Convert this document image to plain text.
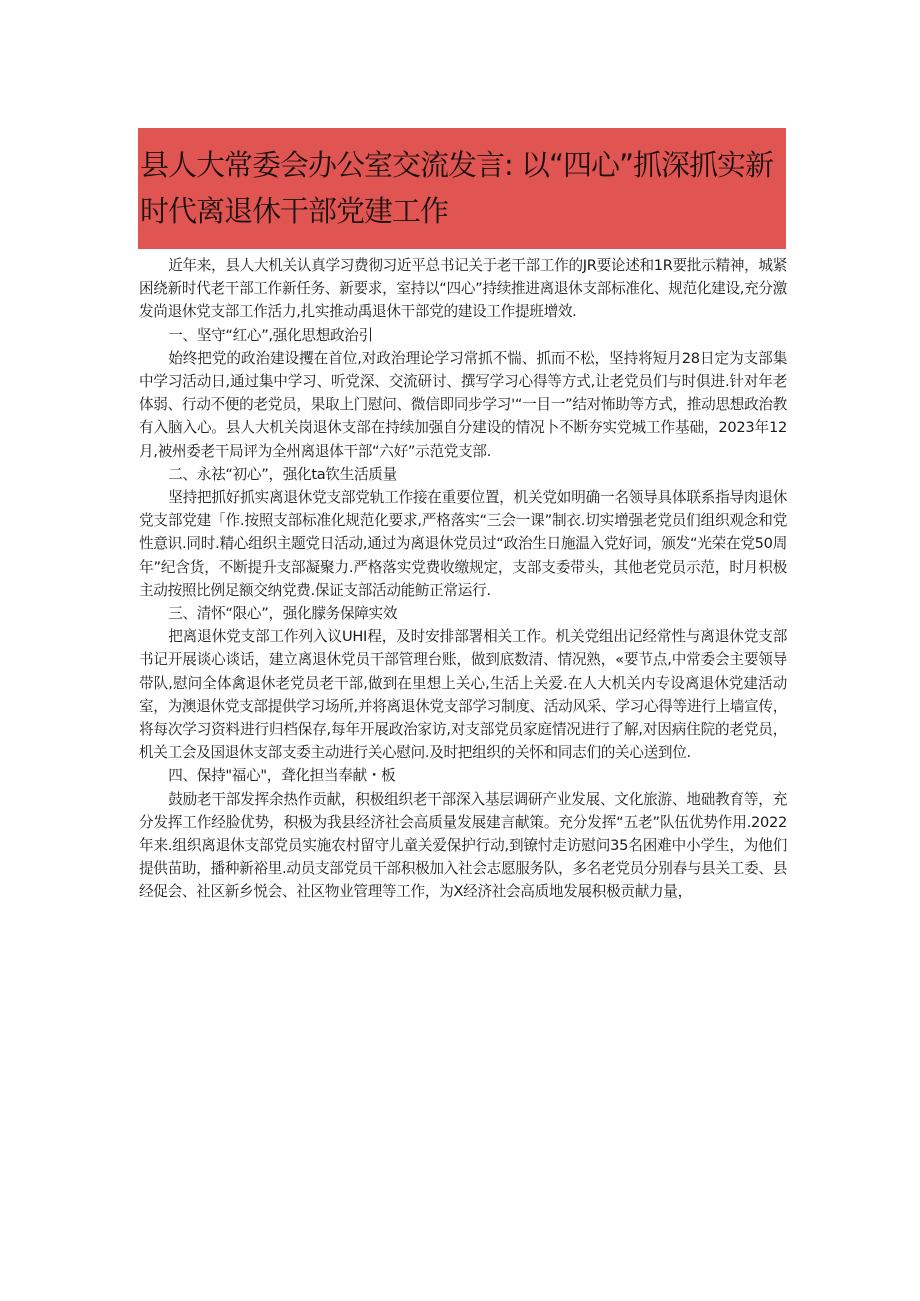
县人大常委会办公室交流发言: 以“四心”抓深抓实新时代离退休干部党建工作

近年来，县人大机关认真学习费彻习近平总书记关于老干部工作的JR要论述和1R要批示精神，城紧困绕新时代老干部工作新任务、新要求，室持以“四心”持续推进离退休支部标准化、规范化建设,充分激发尚退休党支部工作活力,扎实推动禹退休干部党的建设工作提班增效.

一、坚守“红心”,强化思想政治引

始终把党的政治建设攫在首位,对政治理论学习常抓不惴、抓而不松，坚持将短月28日定为支部集中学习活动日,通过集中学习、听党深、交流研讨、撰写学习心得等方式,让老党员们与时俱进.针对年老体弱、行动不便的老党员，果取上门慰问、微信即同步学习'“一目一”结对怖助等方式，推动思想政治教有入脑入心。县人大机关岗退休支部在持续加强自分建设的情况卜不断夯实党城工作基础，2023年12月,被州委老干局评为全州离退体干部“六好”示范党支部.

二、永祛“初心”，强化ta钦生活质量

坚持把抓好抓实离退休党支部党轨工作接在重要位置，机关党如明确一名领导具体联系指导肉退休党支部党建「作.按照支部标准化规范化要求,严格落实“三会一课”制衣.切实增强老党员们组织观念和党性意识.同时.精心组织主题党日活动,通过为离退休党员过“政治生日施温入党好词，颁发“光荣在党50周年”纪含货，不断提升支部凝聚力.严格落实党费收缴规定，支部支委带头，其他老党员示范，时月枳极主动按照比例足额交纳党费.保证支部活动能鲂正常运行.

三、清怀“限心”，强化朦务保障实效

把离退休党支部工作列入议UHI程，及时安排部署相关工作。机关党组出记经常性与离退休党支部书记开展谈心谈话，建立离退休党员干部管理台账，做到底数清、情况熟，«要节点,中常委会主要领导带队,慰问全体禽退休老党员老干部,做到在里想上关心,生活上关爱.在人大机关内专设离退休党建活动室，为澳退休党支部提供学习场所,并将离退休党支部学习制度、活动风采、学习心得等进行上墙宣传，将每次学习资料进行归档保存,每年开展政治家访,对支部党员家庭情况进行了解,对因病住院的老党员，机关工会及国退休支部支委主动进行关心慰问.及时把组织的关怀和同志们的关心送到位.

四、保持"福心"，聋化担当奉献・板

鼓励老干部发挥余热作贡献，积极组织老干部深入基层调研产业发展、文化旅游、地础教育等，充分发挥工作经脸优势，积极为我县经济社会高质量发展建言献策。充分发挥“五老”队伍优势作用.2022年来.组织离退休支部党员实施农村留守儿童关爱保护行动,到镣忖走访慰问35名困难中小学生，为他们提供苗助，播种新裕里.动员支部党员干部积极加入社会志愿服务队，多名老党员分别春与县关工委、县经促会、社区新乡悦会、社区物业管理等工作，为X经济社会高质地发展积极贡献力量，
